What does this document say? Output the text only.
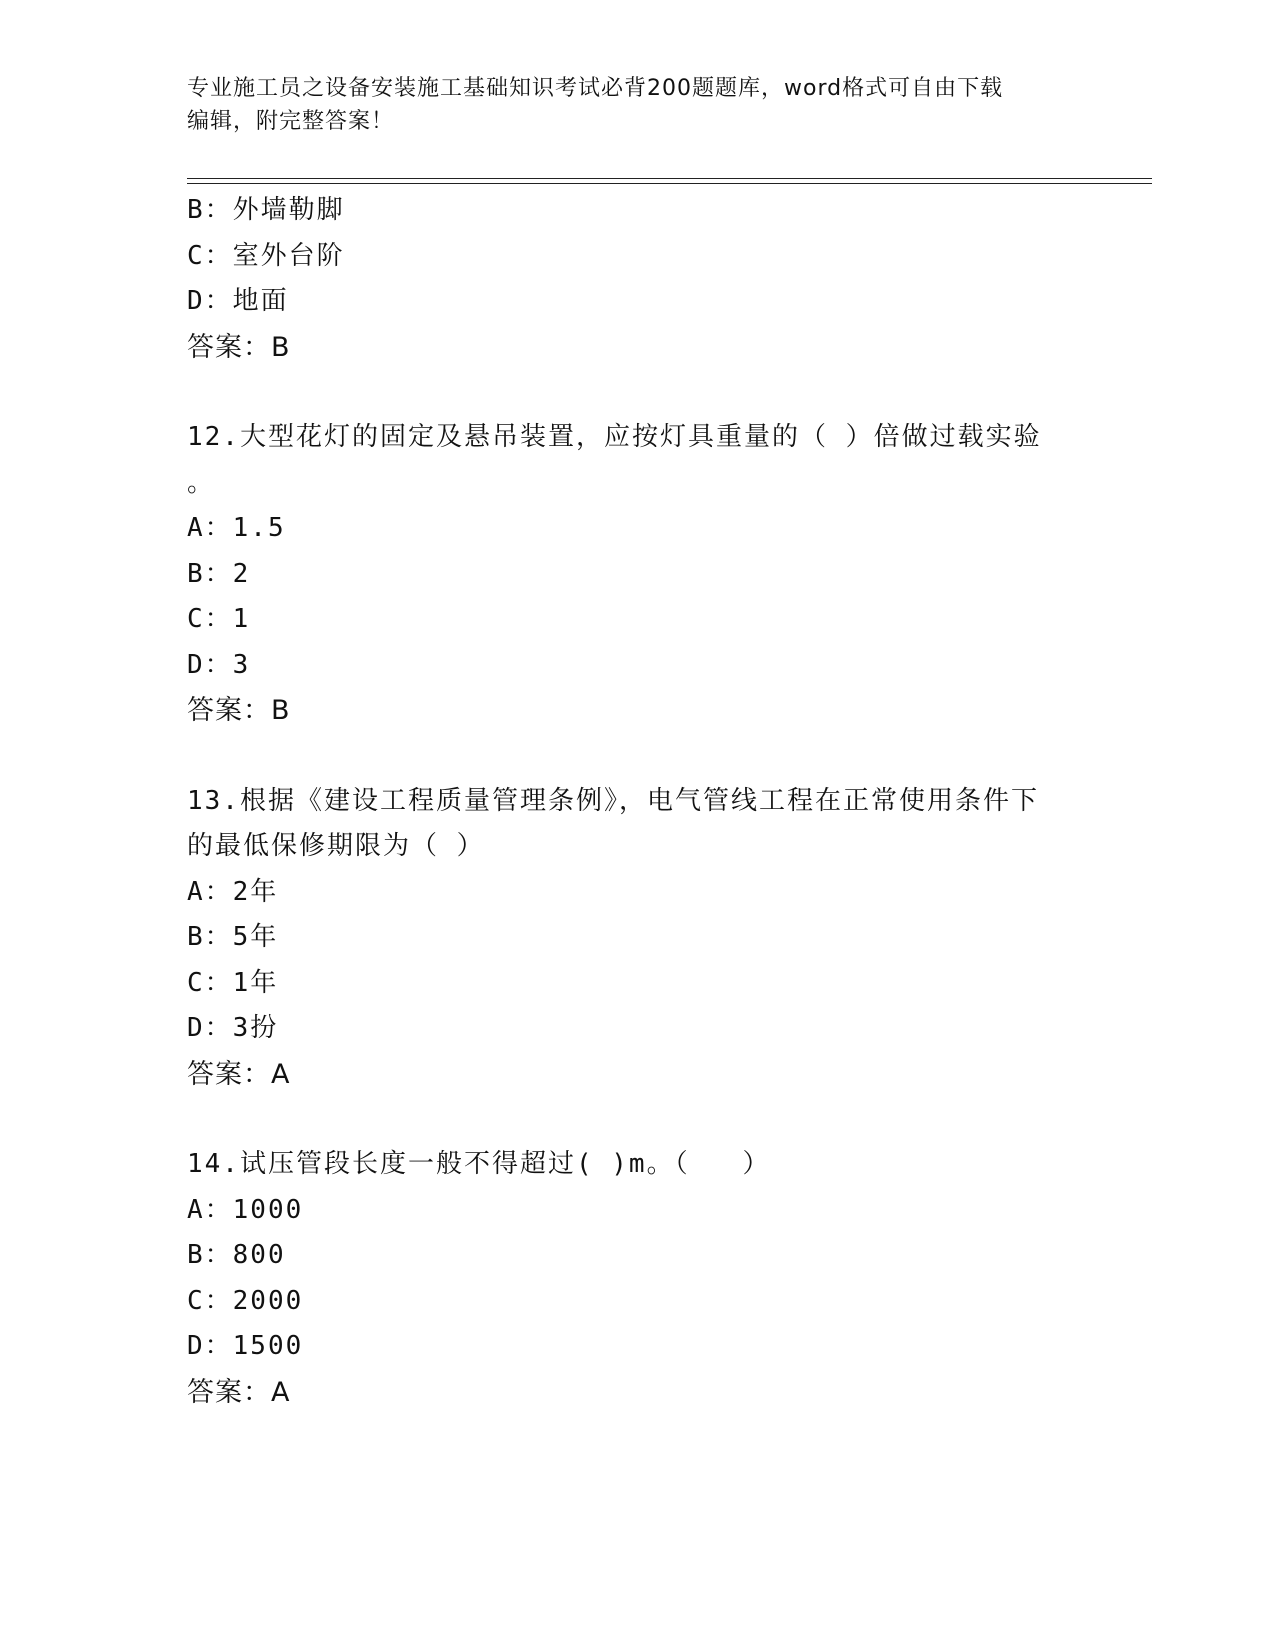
专业施工员之设备安装施工基础知识考试必背200题题库，word格式可自由下载
编辑，附完整答案！
B：外墙勒脚
C：室外台阶
D：地面
答案：B
12.大型花灯的固定及悬吊装置，应按灯具重量的（ ）倍做过载实验
。
A：1.5
B：2
C：1
D：3
答案：B
13.根据《建设工程质量管理条例》，电气管线工程在正常使用条件下
的最低保修期限为（ ）
A：2年
B：5年
C：1年
D：3扮
答案：A
14.试压管段长度一般不得超过( )m。（   ）
A：1000
B：800
C：2000
D：1500
答案：A
